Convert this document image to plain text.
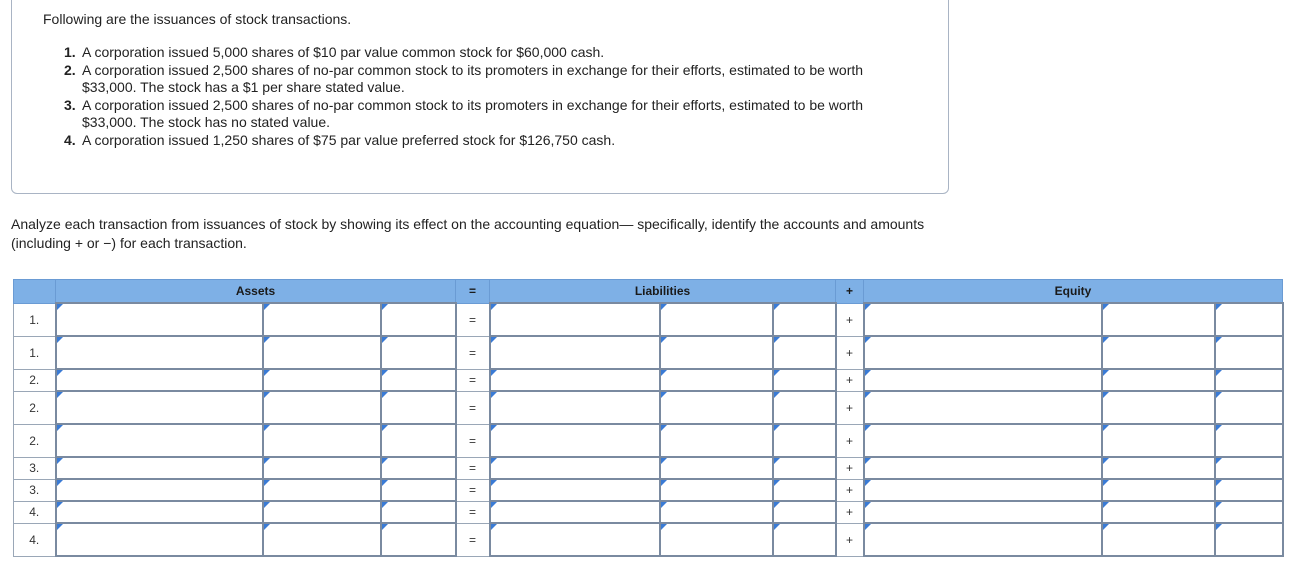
Following are the issuances of stock transactions.
1. A corporation issued 5,000 shares of $10 par value common stock for $60,000 cash.
2. A corporation issued 2,500 shares of no-par common stock to its promoters in exchange for their efforts, estimated to be worth $33,000. The stock has a $1 per share stated value.
3. A corporation issued 2,500 shares of no-par common stock to its promoters in exchange for their efforts, estimated to be worth $33,000. The stock has no stated value.
4. A corporation issued 1,250 shares of $75 par value preferred stock for $126,750 cash.
Analyze each transaction from issuances of stock by showing its effect on the accounting equation— specifically, identify the accounts and amounts (including + or −) for each transaction.
	Assets			=	Liabilities			+	Equity		
1.				=				+			
1.				=				+			
2.				=				+			
2.				=				+			
2.				=				+			
3.				=				+			
3.				=				+			
4.				=				+			
4.				=				+			
